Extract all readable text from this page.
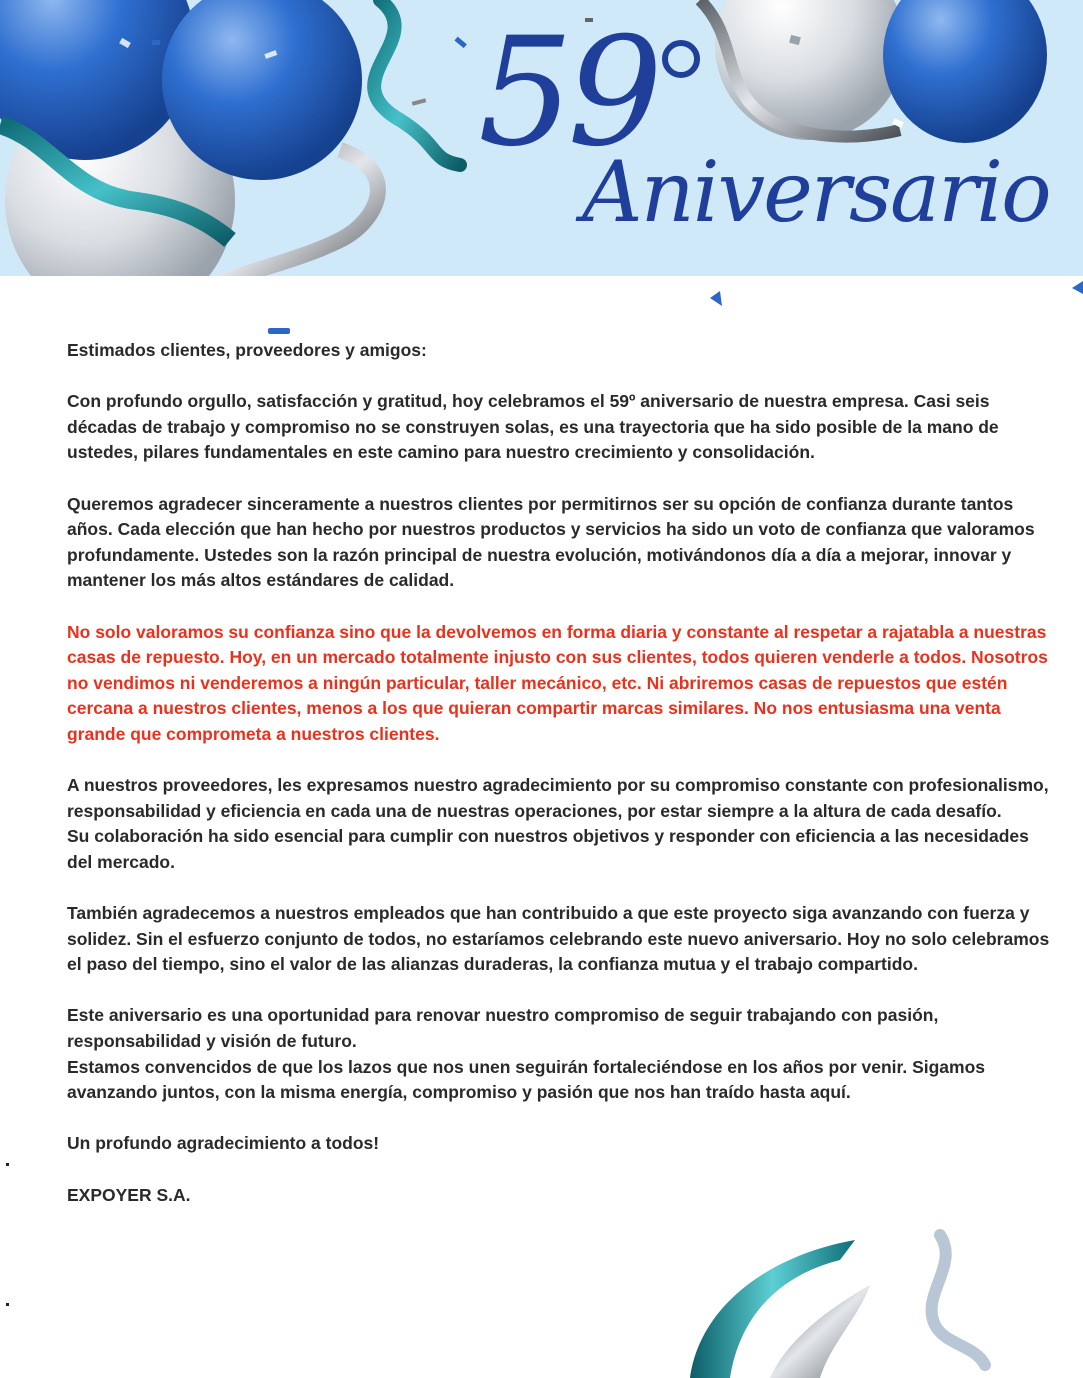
59
Aniversario

Estimados clientes, proveedores y amigos:

Con profundo orgullo, satisfacción y gratitud, hoy celebramos el 59º aniversario de nuestra empresa. Casi seis décadas de trabajo y compromiso no se construyen solas, es una trayectoria que ha sido posible de la mano de ustedes, pilares fundamentales en este camino para nuestro crecimiento y consolidación.

Queremos agradecer sinceramente a nuestros clientes por permitirnos ser su opción de confianza durante tantos años. Cada elección que han hecho por nuestros productos y servicios ha sido un voto de confianza que valoramos profundamente. Ustedes son la razón principal de nuestra evolución, motivándonos día a día a mejorar, innovar y mantener los más altos estándares de calidad.

No solo valoramos su confianza sino que la devolvemos en forma diaria y constante al respetar a rajatabla a nuestras casas de repuesto. Hoy, en un mercado totalmente injusto con sus clientes, todos quieren venderle a todos. Nosotros no vendimos ni venderemos a ningún particular, taller mecánico, etc. Ni abriremos casas de repuestos que estén cercana a nuestros clientes, menos a los que quieran compartir marcas similares. No nos entusiasma una venta grande que comprometa a nuestros clientes.

A nuestros proveedores, les expresamos nuestro agradecimiento por su compromiso constante con profesionalismo, responsabilidad y eficiencia en cada una de nuestras operaciones, por estar siempre a la altura de cada desafío.

Su colaboración ha sido esencial para cumplir con nuestros objetivos y responder con eficiencia a las necesidades del mercado.

También agradecemos a nuestros empleados que han contribuido a que este proyecto siga avanzando con fuerza y solidez. Sin el esfuerzo conjunto de todos, no estaríamos celebrando este nuevo aniversario. Hoy no solo celebramos el paso del tiempo, sino el valor de las alianzas duraderas, la confianza mutua y el trabajo compartido.

Este aniversario es una oportunidad para renovar nuestro compromiso de seguir trabajando con pasión, responsabilidad y visión de futuro.

Estamos convencidos de que los lazos que nos unen seguirán fortaleciéndose en los años por venir. Sigamos avanzando juntos, con la misma energía, compromiso y pasión que nos han traído hasta aquí.

Un profundo agradecimiento a todos!

EXPOYER S.A.
